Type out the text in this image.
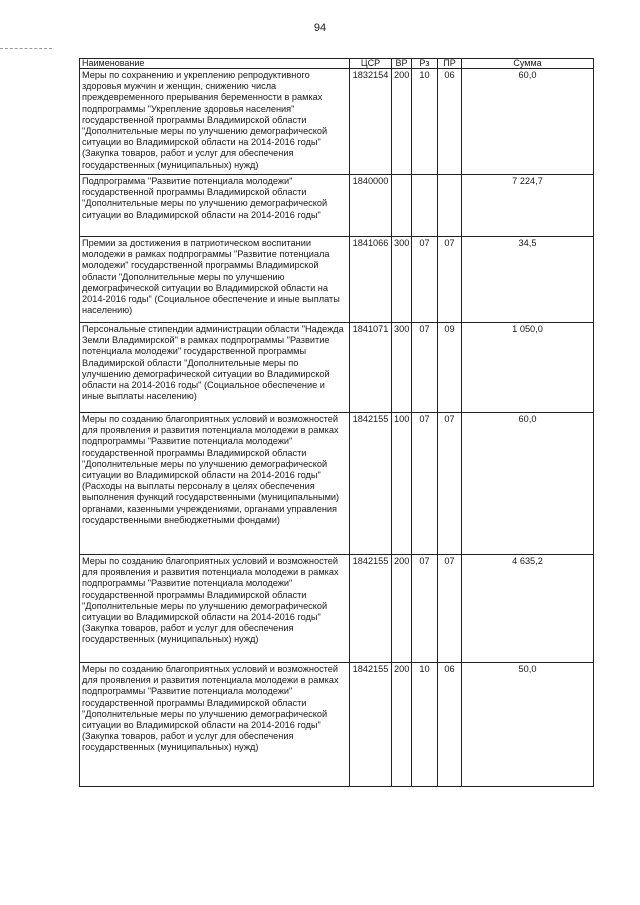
94
Наименование	ЦСР	ВР	Рз	ПР	Сумма
Меры по сохранению и укреплению репродуктивного здоровья мужчин и женщин, снижению числа преждевременного прерывания беременности в рамках подпрограммы "Укрепление здоровья населения" государственной программы Владимирской области "Дополнительные меры по улучшению демографической ситуации во Владимирской области на 2014-2016 годы" (Закупка товаров, работ и услуг для обеспечения государственных (муниципальных) нужд)	1832154	200	10	06	60,0
Подпрограмма "Развитие потенциала молодежи" государственной программы Владимирской области "Дополнительные меры по улучшению демографической ситуации во Владимирской области на 2014-2016 годы"	1840000				7 224,7
Премии за достижения в патриотическом воспитании молодежи в рамках подпрограммы "Развитие потенциала молодежи" государственной программы Владимирской области "Дополнительные меры по улучшению демографической ситуации во Владимирской области на 2014-2016 годы" (Социальное обеспечение и иные выплаты населению)	1841066	300	07	07	34,5
Персональные стипендии администрации области "Надежда Земли Владимирской" в рамках подпрограммы "Развитие потенциала молодежи" государственной программы Владимирской области "Дополнительные меры по улучшению демографической ситуации во Владимирской области на 2014-2016 годы" (Социальное обеспечение и иные выплаты населению)	1841071	300	07	09	1 050,0
Меры по созданию благоприятных условий и возможностей для проявления и развития потенциала молодежи в рамках подпрограммы "Развитие потенциала молодежи" государственной программы Владимирской области "Дополнительные меры по улучшению демографической ситуации во Владимирской области на 2014-2016 годы" (Расходы на выплаты персоналу в целях обеспечения выполнения функций государственными (муниципальными) органами, казенными учреждениями, органами управления государственными внебюджетными фондами)	1842155	100	07	07	60,0
Меры по созданию благоприятных условий и возможностей для проявления и развития потенциала молодежи в рамках подпрограммы "Развитие потенциала молодежи" государственной программы Владимирской области "Дополнительные меры по улучшению демографической ситуации во Владимирской области на 2014-2016 годы" (Закупка товаров, работ и услуг для обеспечения государственных (муниципальных) нужд)	1842155	200	07	07	4 635,2
Меры по созданию благоприятных условий и возможностей для проявления и развития потенциала молодежи в рамках подпрограммы "Развитие потенциала молодежи" государственной программы Владимирской области "Дополнительные меры по улучшению демографической ситуации во Владимирской области на 2014-2016 годы" (Закупка товаров, работ и услуг для обеспечения государственных (муниципальных) нужд)	1842155	200	10	06	50,0
